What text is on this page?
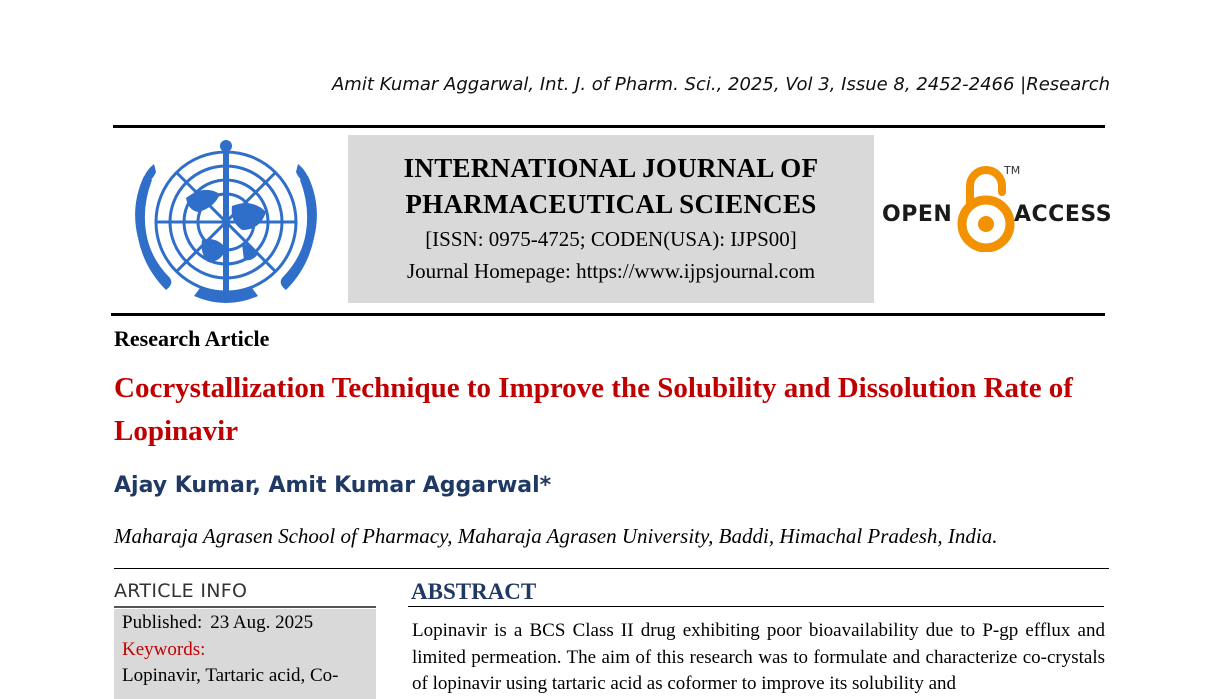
Amit Kumar Aggarwal, Int. J. of Pharm. Sci., 2025, Vol 3, Issue 8, 2452-2466 |Research
INTERNATIONAL JOURNAL OF
PHARMACEUTICAL SCIENCES
[ISSN: 0975-4725; CODEN(USA): IJPS00]
Journal Homepage: https://www.ijpsjournal.com
OPEN
TM
ACCESS
Research Article
Cocrystallization Technique to Improve the Solubility and Dissolution Rate of Lopinavir
Ajay Kumar, Amit Kumar Aggarwal*
Maharaja Agrasen School of Pharmacy, Maharaja Agrasen University, Baddi, Himachal Pradesh, India.
ARTICLE INFO
Published: 23 Aug. 2025
Keywords:
Lopinavir, Tartaric acid, Co-
ABSTRACT
Lopinavir is a BCS Class II drug exhibiting poor bioavailability due to P-gp efflux and limited permeation. The aim of this research was to formulate and characterize co-crystals of lopinavir using tartaric acid as coformer to improve its solubility and
